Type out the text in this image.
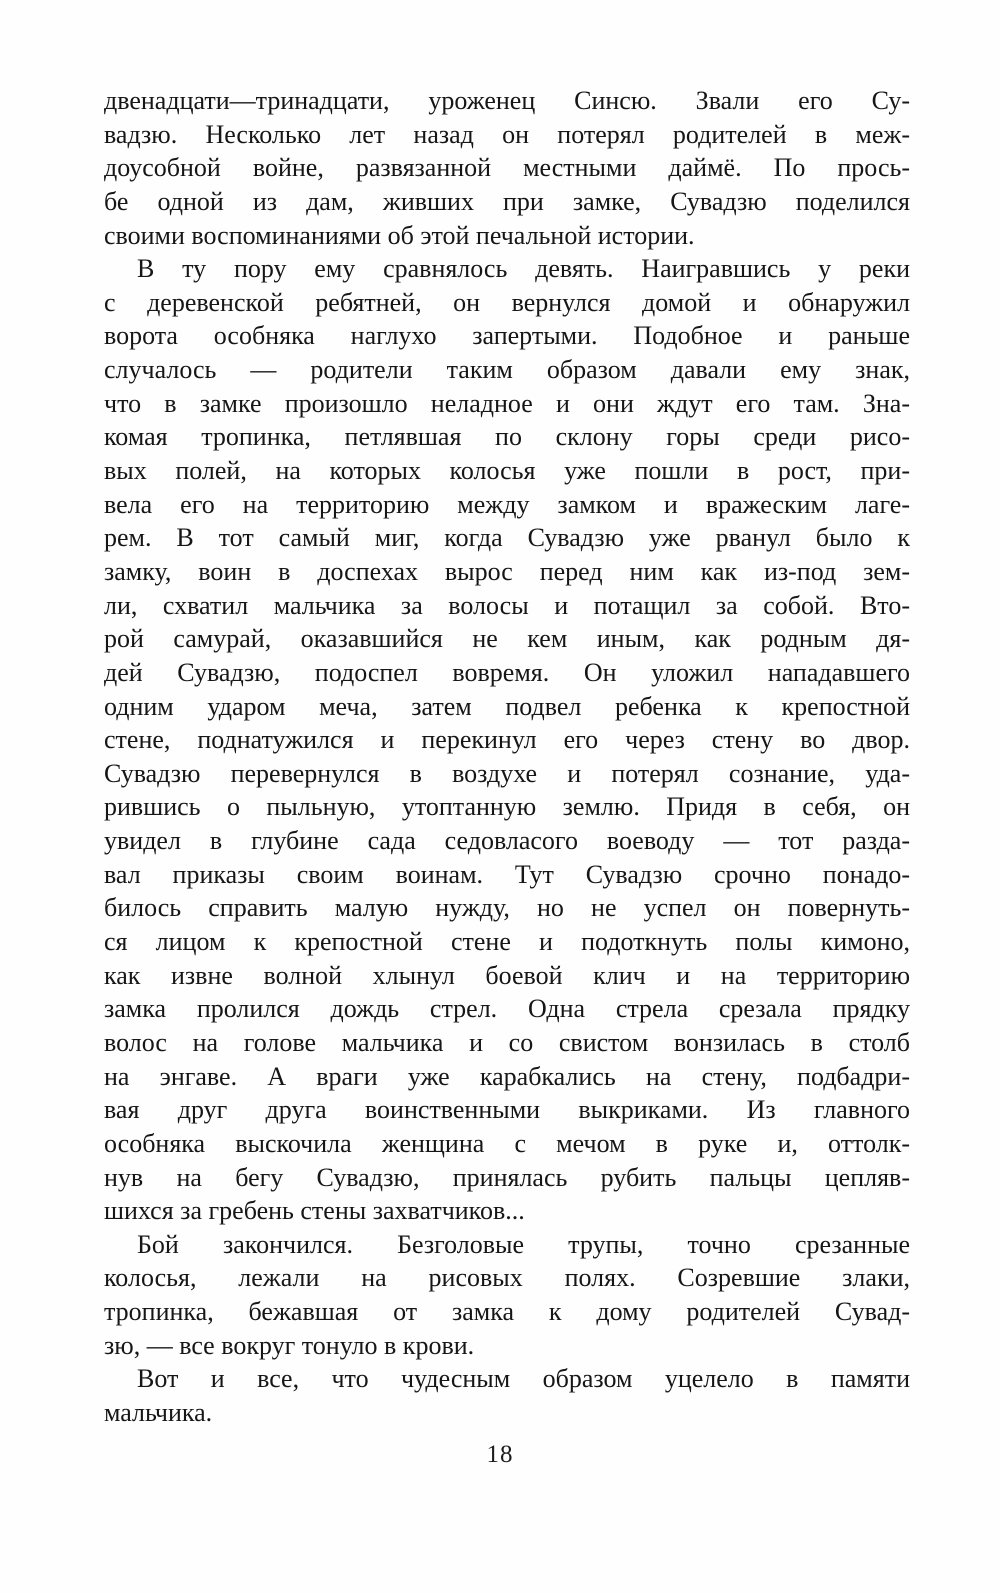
двенадцати—тринадцати, уроженец Синсю. Звали его Су-
вадзю. Несколько лет назад он потерял родителей в меж-
доусобной войне, развязанной местными даймё. По прось-
бе одной из дам, живших при замке, Сувадзю поделился
своими воспоминаниями об этой печальной истории.

В ту пору ему сравнялось девять. Наигравшись у реки
с деревенской ребятней, он вернулся домой и обнаружил
ворота особняка наглухо запертыми. Подобное и раньше
случалось — родители таким образом давали ему знак,
что в замке произошло неладное и они ждут его там. Зна-
комая тропинка, петлявшая по склону горы среди рисо-
вых полей, на которых колосья уже пошли в рост, при-
вела его на территорию между замком и вражеским лаге-
рем. В тот самый миг, когда Сувадзю уже рванул было к
замку, воин в доспехах вырос перед ним как из-под зем-
ли, схватил мальчика за волосы и потащил за собой. Вто-
рой самурай, оказавшийся не кем иным, как родным дя-
дей Сувадзю, подоспел вовремя. Он уложил нападавшего
одним ударом меча, затем подвел ребенка к крепостной
стене, поднатужился и перекинул его через стену во двор.
Сувадзю перевернулся в воздухе и потерял сознание, уда-
рившись о пыльную, утоптанную землю. Придя в себя, он
увидел в глубине сада седовласого воеводу — тот разда-
вал приказы своим воинам. Тут Сувадзю срочно понадо-
билось справить малую нужду, но не успел он повернуть-
ся лицом к крепостной стене и подоткнуть полы кимоно,
как извне волной хлынул боевой клич и на территорию
замка пролился дождь стрел. Одна стрела срезала прядку
волос на голове мальчика и со свистом вонзилась в столб
на энгаве. А враги уже карабкались на стену, подбадри-
вая друг друга воинственными выкриками. Из главного
особняка выскочила женщина с мечом в руке и, оттолк-
нув на бегу Сувадзю, принялась рубить пальцы цепляв-
шихся за гребень стены захватчиков...

Бой закончился. Безголовые трупы, точно срезанные
колосья, лежали на рисовых полях. Созревшие злаки,
тропинка, бежавшая от замка к дому родителей Сувад-
зю, — все вокруг тонуло в крови.

Вот и все, что чудесным образом уцелело в памяти
мальчика.

18
